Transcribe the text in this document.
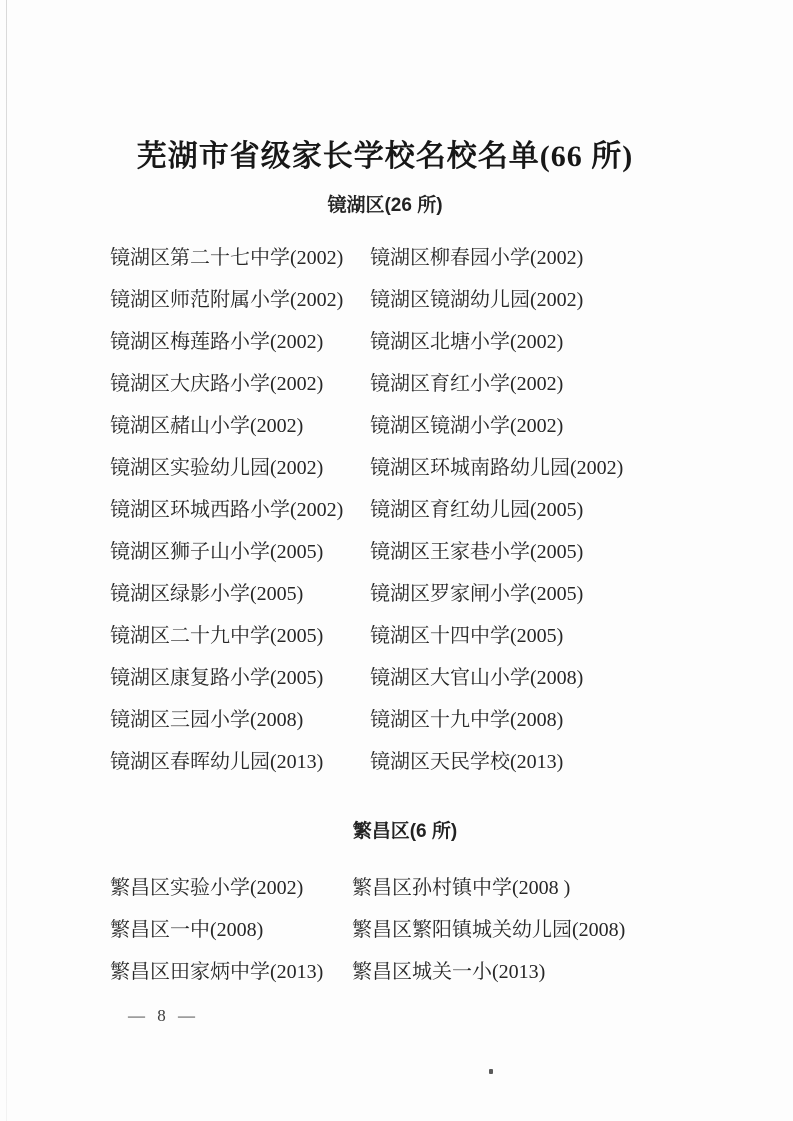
芜湖市省级家长学校名校名单(66 所)
镜湖区(26 所)
镜湖区第二十七中学(2002)	镜湖区柳春园小学(2002)
镜湖区师范附属小学(2002)	镜湖区镜湖幼儿园(2002)
镜湖区梅莲路小学(2002)	镜湖区北塘小学(2002)
镜湖区大庆路小学(2002)	镜湖区育红小学(2002)
镜湖区赭山小学(2002)	镜湖区镜湖小学(2002)
镜湖区实验幼儿园(2002)	镜湖区环城南路幼儿园(2002)
镜湖区环城西路小学(2002)	镜湖区育红幼儿园(2005)
镜湖区狮子山小学(2005)	镜湖区王家巷小学(2005)
镜湖区绿影小学(2005)	镜湖区罗家闸小学(2005)
镜湖区二十九中学(2005)	镜湖区十四中学(2005)
镜湖区康复路小学(2005)	镜湖区大官山小学(2008)
镜湖区三园小学(2008)	镜湖区十九中学(2008)
镜湖区春晖幼儿园(2013)	镜湖区天民学校(2013)
繁昌区(6 所)
繁昌区实验小学(2002)	繁昌区孙村镇中学(2008 )
繁昌区一中(2008)	繁昌区繁阳镇城关幼儿园(2008)
繁昌区田家炳中学(2013)	繁昌区城关一小(2013)
— 8 —
